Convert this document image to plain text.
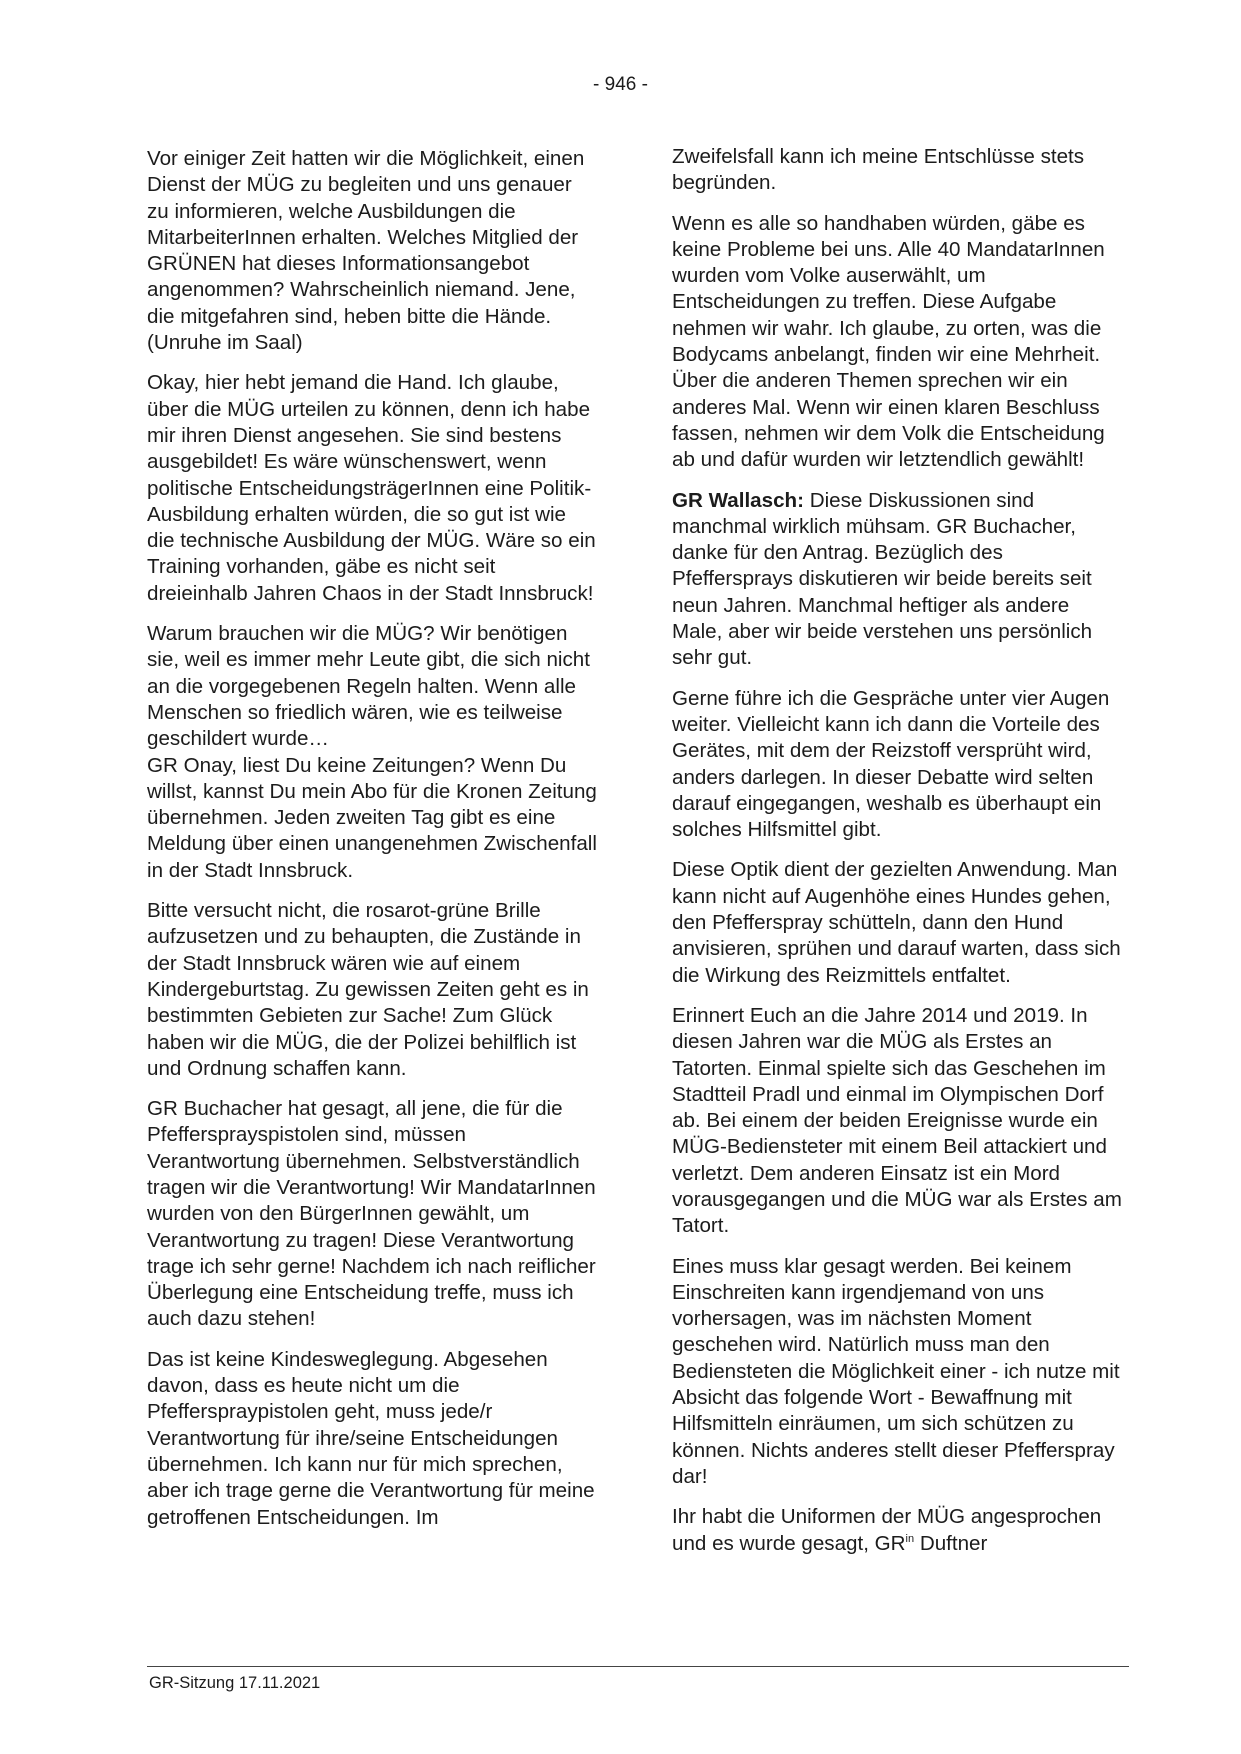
- 946 -

Vor einiger Zeit hatten wir die Möglichkeit, einen Dienst der MÜG zu begleiten und uns genauer zu informieren, welche Ausbildungen die MitarbeiterInnen erhalten. Welches Mitglied der GRÜNEN hat dieses Informationsangebot angenommen? Wahrscheinlich niemand. Jene, die mitgefahren sind, heben bitte die Hände. (Unruhe im Saal)

Okay, hier hebt jemand die Hand. Ich glaube, über die MÜG urteilen zu können, denn ich habe mir ihren Dienst angesehen. Sie sind bestens ausgebildet! Es wäre wünschenswert, wenn politische EntscheidungsträgerInnen eine Politik-Ausbildung erhalten würden, die so gut ist wie die technische Ausbildung der MÜG. Wäre so ein Training vorhanden, gäbe es nicht seit dreieinhalb Jahren Chaos in der Stadt Innsbruck!

Warum brauchen wir die MÜG? Wir benötigen sie, weil es immer mehr Leute gibt, die sich nicht an die vorgegebenen Regeln halten. Wenn alle Menschen so friedlich wären, wie es teilweise geschildert wurde…

GR Onay, liest Du keine Zeitungen? Wenn Du willst, kannst Du mein Abo für die Kronen Zeitung übernehmen. Jeden zweiten Tag gibt es eine Meldung über einen unangenehmen Zwischenfall in der Stadt Innsbruck.

Bitte versucht nicht, die rosarot-grüne Brille aufzusetzen und zu behaupten, die Zustände in der Stadt Innsbruck wären wie auf einem Kindergeburtstag. Zu gewissen Zeiten geht es in bestimmten Gebieten zur Sache! Zum Glück haben wir die MÜG, die der Polizei behilflich ist und Ordnung schaffen kann.

GR Buchacher hat gesagt, all jene, die für die Pfeffersprayspistolen sind, müssen Verantwortung übernehmen. Selbstverständlich tragen wir die Verantwortung! Wir MandatarInnen wurden von den BürgerInnen gewählt, um Verantwortung zu tragen! Diese Verantwortung trage ich sehr gerne! Nachdem ich nach reiflicher Überlegung eine Entscheidung treffe, muss ich auch dazu stehen!

Das ist keine Kindesweglegung. Abgesehen davon, dass es heute nicht um die Pfefferspraypistolen geht, muss jede/r Verantwortung für ihre/seine Entscheidungen übernehmen. Ich kann nur für mich sprechen, aber ich trage gerne die Verantwortung für meine getroffenen Entscheidungen. Im

Zweifelsfall kann ich meine Entschlüsse stets begründen.

Wenn es alle so handhaben würden, gäbe es keine Probleme bei uns. Alle 40 MandatarInnen wurden vom Volke auserwählt, um Entscheidungen zu treffen. Diese Aufgabe nehmen wir wahr. Ich glaube, zu orten, was die Bodycams anbelangt, finden wir eine Mehrheit. Über die anderen Themen sprechen wir ein anderes Mal. Wenn wir einen klaren Beschluss fassen, nehmen wir dem Volk die Entscheidung ab und dafür wurden wir letztendlich gewählt!

GR Wallasch: Diese Diskussionen sind manchmal wirklich mühsam. GR Buchacher, danke für den Antrag. Bezüglich des Pfeffersprays diskutieren wir beide bereits seit neun Jahren. Manchmal heftiger als andere Male, aber wir beide verstehen uns persönlich sehr gut.

Gerne führe ich die Gespräche unter vier Augen weiter. Vielleicht kann ich dann die Vorteile des Gerätes, mit dem der Reizstoff versprüht wird, anders darlegen. In dieser Debatte wird selten darauf eingegangen, weshalb es überhaupt ein solches Hilfsmittel gibt.

Diese Optik dient der gezielten Anwendung. Man kann nicht auf Augenhöhe eines Hundes gehen, den Pfefferspray schütteln, dann den Hund anvisieren, sprühen und darauf warten, dass sich die Wirkung des Reizmittels entfaltet.

Erinnert Euch an die Jahre 2014 und 2019. In diesen Jahren war die MÜG als Erstes an Tatorten. Einmal spielte sich das Geschehen im Stadtteil Pradl und einmal im Olympischen Dorf ab. Bei einem der beiden Ereignisse wurde ein MÜG-Bediensteter mit einem Beil attackiert und verletzt. Dem anderen Einsatz ist ein Mord vorausgegangen und die MÜG war als Erstes am Tatort.

Eines muss klar gesagt werden. Bei keinem Einschreiten kann irgendjemand von uns vorhersagen, was im nächsten Moment geschehen wird. Natürlich muss man den Bediensteten die Möglichkeit einer - ich nutze mit Absicht das folgende Wort - Bewaffnung mit Hilfsmitteln einräumen, um sich schützen zu können. Nichts anderes stellt dieser Pfefferspray dar!

Ihr habt die Uniformen der MÜG angesprochen und es wurde gesagt, $GR^{in}$ Duftner

GR-Sitzung 17.11.2021
